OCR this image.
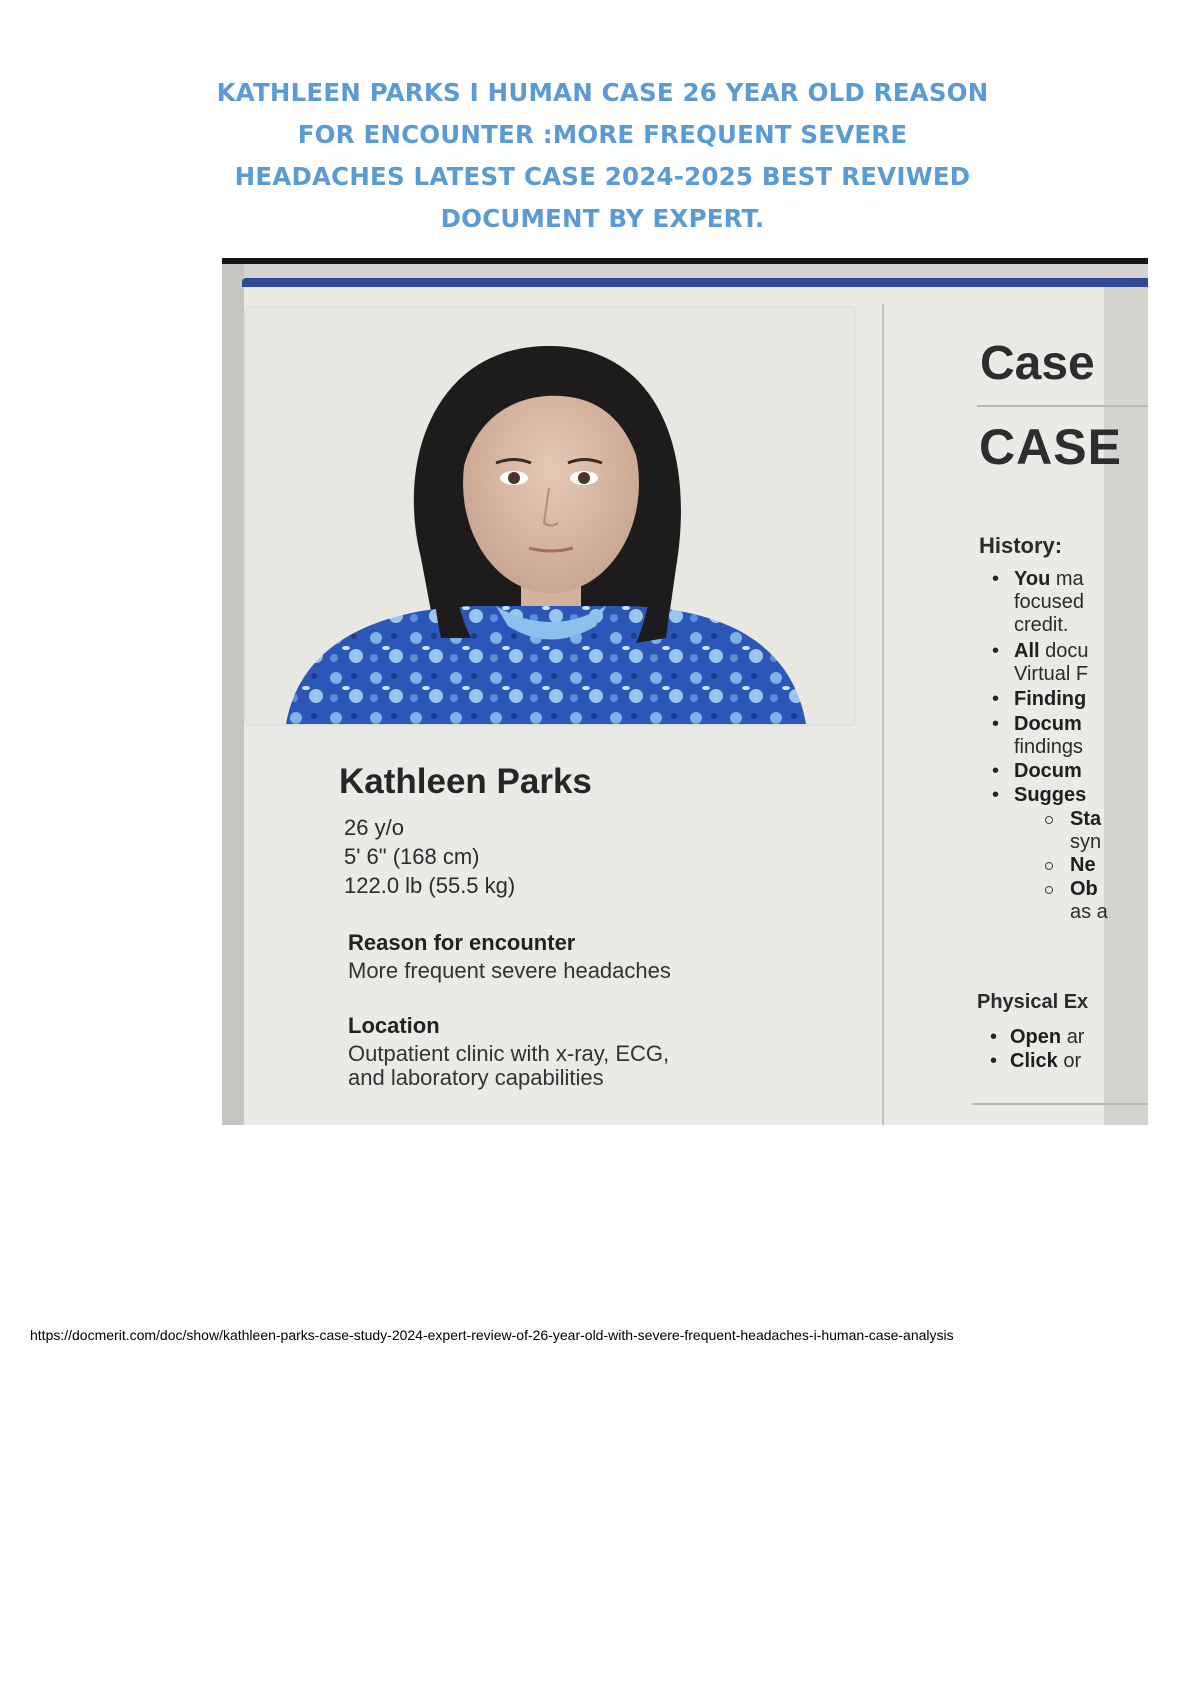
KATHLEEN PARKS I HUMAN CASE 26 YEAR OLD REASON
FOR ENCOUNTER :MORE FREQUENT SEVERE
HEADACHES LATEST CASE 2024-2025 BEST REVIWED
DOCUMENT BY EXPERT.
Kathleen Parks
26 y/o
5' 6" (168 cm)
122.0 lb (55.5 kg)
Reason for encounter
More frequent severe headaches
Location
Outpatient clinic with x-ray, ECG,
and laboratory capabilities
Case
CASE
History:
• You ma
focused
credit.
• All docu
Virtual F
• Finding
• Docum
findings
• Docum
• Sugges
Sta
syn
Ne
Ob
as a
Physical Ex
• Open ar
• Click or
https://docmerit.com/doc/show/kathleen-parks-case-study-2024-expert-review-of-26-year-old-with-severe-frequent-headaches-i-human-case-analysis
